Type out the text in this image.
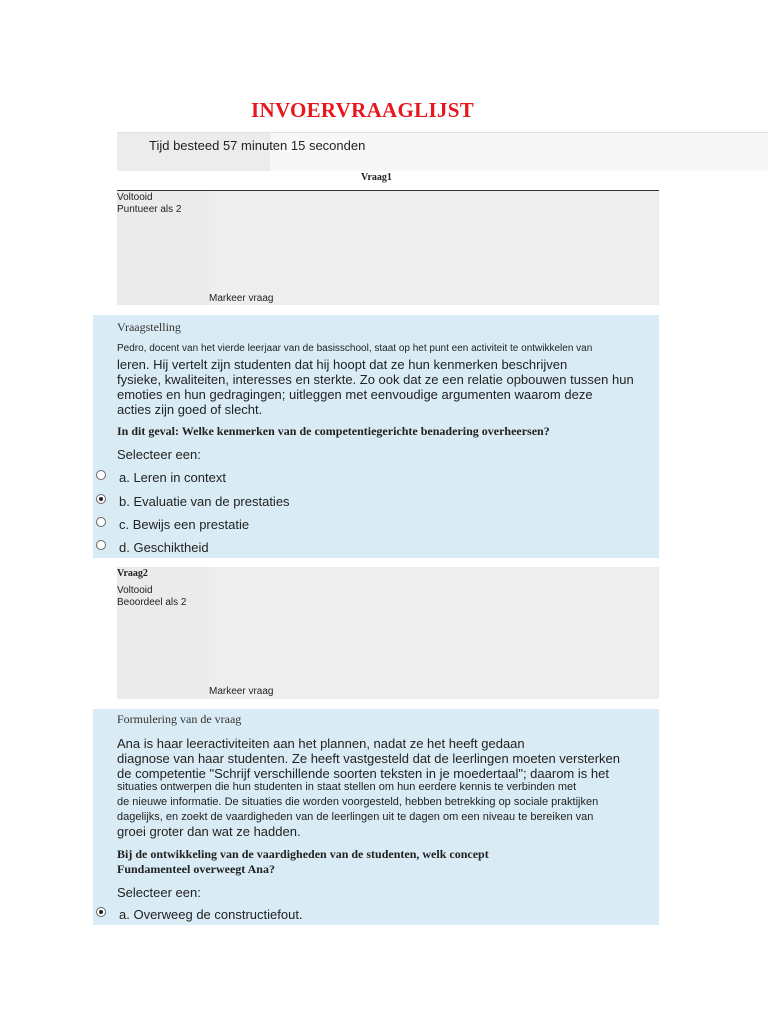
INVOERVRAAGLIJST
Tijd besteed 57 minuten 15 seconden
Vraag1
Voltooid
Puntueer als 2
Markeer vraag
Vraagstelling
Pedro, docent van het vierde leerjaar van de basisschool, staat op het punt een activiteit te ontwikkelen van
leren. Hij vertelt zijn studenten dat hij hoopt dat ze hun kenmerken beschrijven
fysieke, kwaliteiten, interesses en sterkte. Zo ook dat ze een relatie opbouwen tussen hun
emoties en hun gedragingen; uitleggen met eenvoudige argumenten waarom deze
acties zijn goed of slecht.
In dit geval: Welke kenmerken van de competentiegerichte benadering overheersen?
Selecteer een:
a. Leren in context
b. Evaluatie van de prestaties
c. Bewijs een prestatie
d. Geschiktheid
Vraag2
Voltooid
Beoordeel als 2
Markeer vraag
Formulering van de vraag
Ana is haar leeractiviteiten aan het plannen, nadat ze het heeft gedaan
diagnose van haar studenten. Ze heeft vastgesteld dat de leerlingen moeten versterken
de competentie "Schrijf verschillende soorten teksten in je moedertaal"; daarom is het
situaties ontwerpen die hun studenten in staat stellen om hun eerdere kennis te verbinden met
de nieuwe informatie. De situaties die worden voorgesteld, hebben betrekking op sociale praktijken
dagelijks, en zoekt de vaardigheden van de leerlingen uit te dagen om een niveau te bereiken van
groei groter dan wat ze hadden.
Bij de ontwikkeling van de vaardigheden van de studenten, welk concept
Fundamenteel overweegt Ana?
Selecteer een:
a. Overweeg de constructiefout.
